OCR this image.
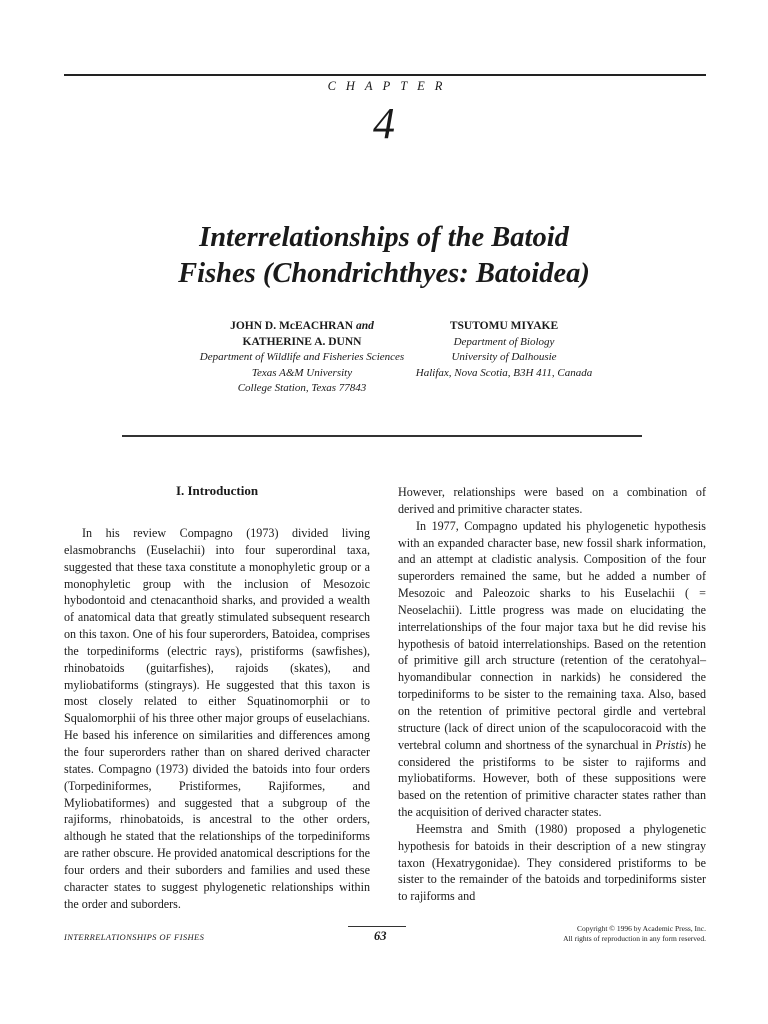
CHAPTER
4
Interrelationships of the Batoid
Fishes (Chondrichthyes: Batoidea)
JOHN D. McEACHRAN and
KATHERINE A. DUNN
Department of Wildlife and Fisheries Sciences
Texas A&M University
College Station, Texas 77843
TSUTOMU MIYAKE
Department of Biology
University of Dalhousie
Halifax, Nova Scotia, B3H 411, Canada
I. Introduction

In his review Compagno (1973) divided living elasmobranchs (Euselachii) into four superordinal taxa, suggested that these taxa constitute a monophyletic group or a monophyletic group with the inclusion of Mesozoic hybodontoid and ctenacanthoid sharks, and provided a wealth of anatomical data that greatly stimulated subsequent research on this taxon. One of his four superorders, Batoidea, comprises the torpediniforms (electric rays), pristiforms (sawfishes), rhinobatoids (guitarfishes), rajoids (skates), and myliobatiforms (stingrays). He suggested that this taxon is most closely related to either Squatinomorphii or to Squalomorphii of his three other major groups of euselachians. He based his inference on similarities and differences among the four superorders rather than on shared derived character states. Compagno (1973) divided the batoids into four orders (Torpediniformes, Pristiformes, Rajiformes, and Myliobatiformes) and suggested that a subgroup of the rajiforms, rhinobatoids, is ancestral to the other orders, although he stated that the relationships of the torpediniforms are rather obscure. He provided anatomical descriptions for the four orders and their suborders and families and used these character states to suggest phylogenetic relationships within the order and suborders.

However, relationships were based on a combination of derived and primitive character states.

In 1977, Compagno updated his phylogenetic hypothesis with an expanded character base, new fossil shark information, and an attempt at cladistic analysis. Composition of the four superorders remained the same, but he added a number of Mesozoic and Paleozoic sharks to his Euselachii ( = Neoselachii). Little progress was made on elucidating the interrelationships of the four major taxa but he did revise his hypothesis of batoid interrelationships. Based on the retention of primitive gill arch structure (retention of the ceratohyal–hyomandibular connection in narkids) he considered the torpediniforms to be sister to the remaining taxa. Also, based on the retention of primitive pectoral girdle and vertebral structure (lack of direct union of the scapulocoracoid with the vertebral column and shortness of the synarchual in Pristis) he considered the pristiforms to be sister to rajiforms and myliobatiforms. However, both of these suppositions were based on the retention of primitive character states rather than the acquisition of derived character states.

Heemstra and Smith (1980) proposed a phylogenetic hypothesis for batoids in their description of a new stingray taxon (Hexatrygonidae). They considered pristiforms to be sister to the remainder of the batoids and torpediniforms sister to rajiforms and

INTERRELATIONSHIPS OF FISHES	63
Copyright © 1996 by Academic Press, Inc.
All rights of reproduction in any form reserved.
